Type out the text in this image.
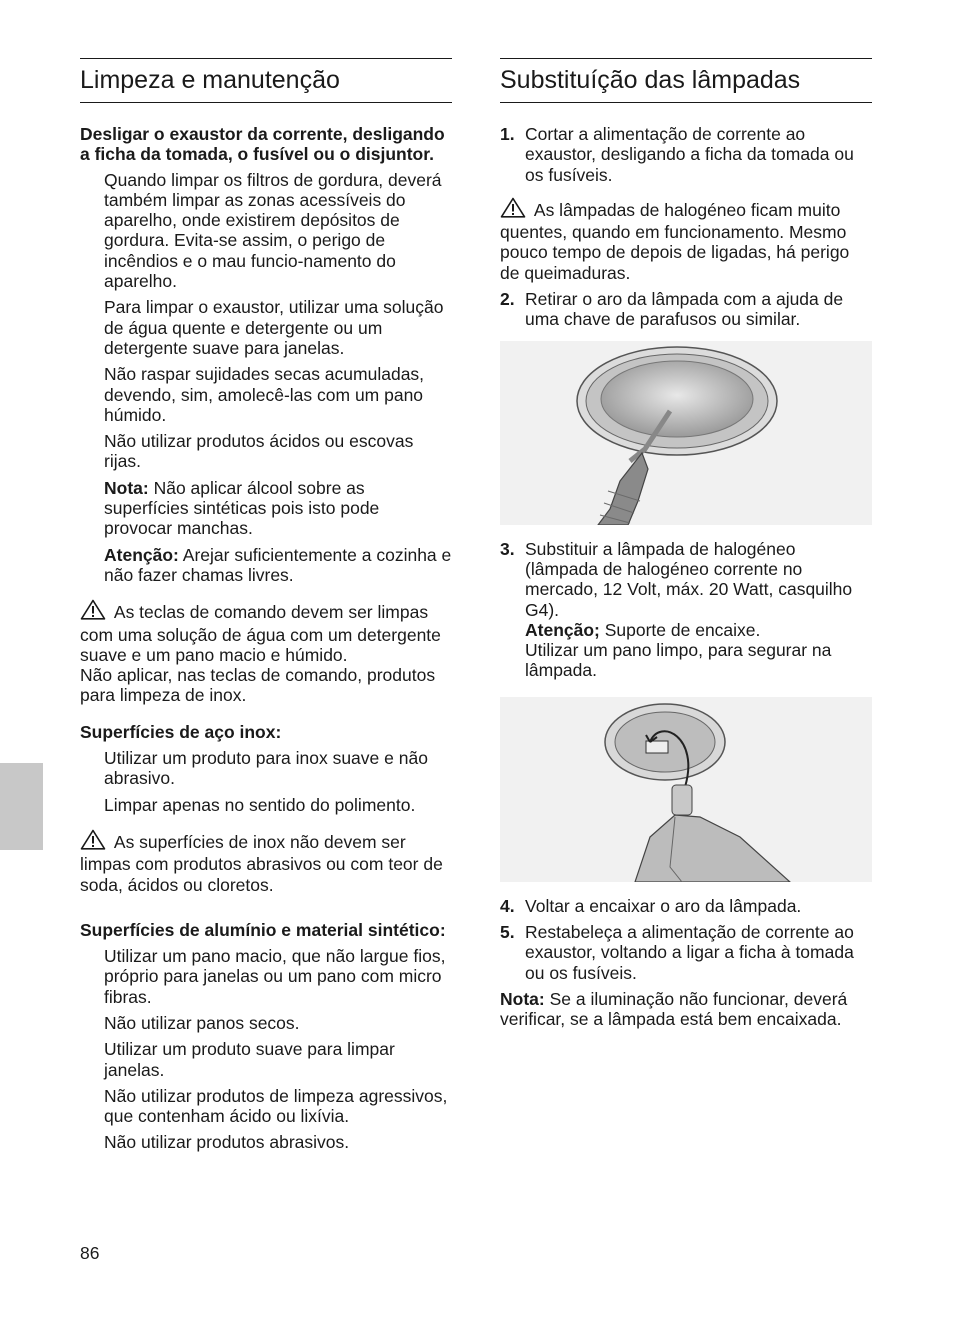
Limpeza e manutenção

Desligar o exaustor da corrente, desligando a ficha da tomada, o fusível ou o disjuntor.

Quando limpar os filtros de gordura, deverá também limpar as zonas acessíveis do aparelho, onde existirem depósitos de gordura. Evita-se assim, o perigo de incêndios e o mau funcio-namento do aparelho.

Para limpar o exaustor, utilizar uma solução de água quente e detergente ou um detergente suave para janelas.

Não raspar sujidades secas acumuladas, devendo, sim, amolecê-las com um pano húmido.

Não utilizar produtos ácidos ou escovas rijas.

Nota: Não aplicar álcool sobre as superfícies sintéticas pois isto pode provocar manchas.

Atenção: Arejar suficientemente a cozinha e não fazer chamas livres.

As teclas de comando devem ser limpas com uma solução de água com um detergente suave e um pano macio e húmido.
Não aplicar, nas teclas de comando, produtos para limpeza de inox.

Superfícies de aço inox:

Utilizar um produto para inox suave e não abrasivo.

Limpar apenas no sentido do polimento.

As superfícies de inox não devem ser limpas com produtos abrasivos ou com teor de soda, ácidos ou cloretos.

Superfícies de alumínio e material sintético:

Utilizar um pano macio, que não largue fios, próprio para janelas ou um pano com micro fibras.

Não utilizar panos secos.

Utilizar um produto suave para limpar janelas.

Não utilizar produtos de limpeza agressivos, que contenham ácido ou lixívia.

Não utilizar produtos abrasivos.

Substituíção das lâmpadas
1. Cortar a alimentação de corrente ao exaustor, desligando a ficha da tomada ou os fusíveis.

As lâmpadas de halogéneo ficam muito quentes, quando em funcionamento. Mesmo pouco tempo de depois de ligadas, há perigo de queimaduras.

2. Retirar o aro da lâmpada com a ajuda de uma chave de parafusos ou similar.
3. Substituir a lâmpada de halogéneo (lâmpada de halogéneo corrente no mercado, 12 Volt, máx. 20 Watt, casquilho G4).
Atenção; Suporte de encaixe.
Utilizar um pano limpo, para segurar na lâmpada.
4. Voltar a encaixar o aro da lâmpada.
5. Restabeleça a alimentação de corrente ao exaustor, voltando a ligar a ficha à tomada ou os fusíveis.

Nota: Se a iluminação não funcionar, deverá verificar, se a lâmpada está bem encaixada.

86
